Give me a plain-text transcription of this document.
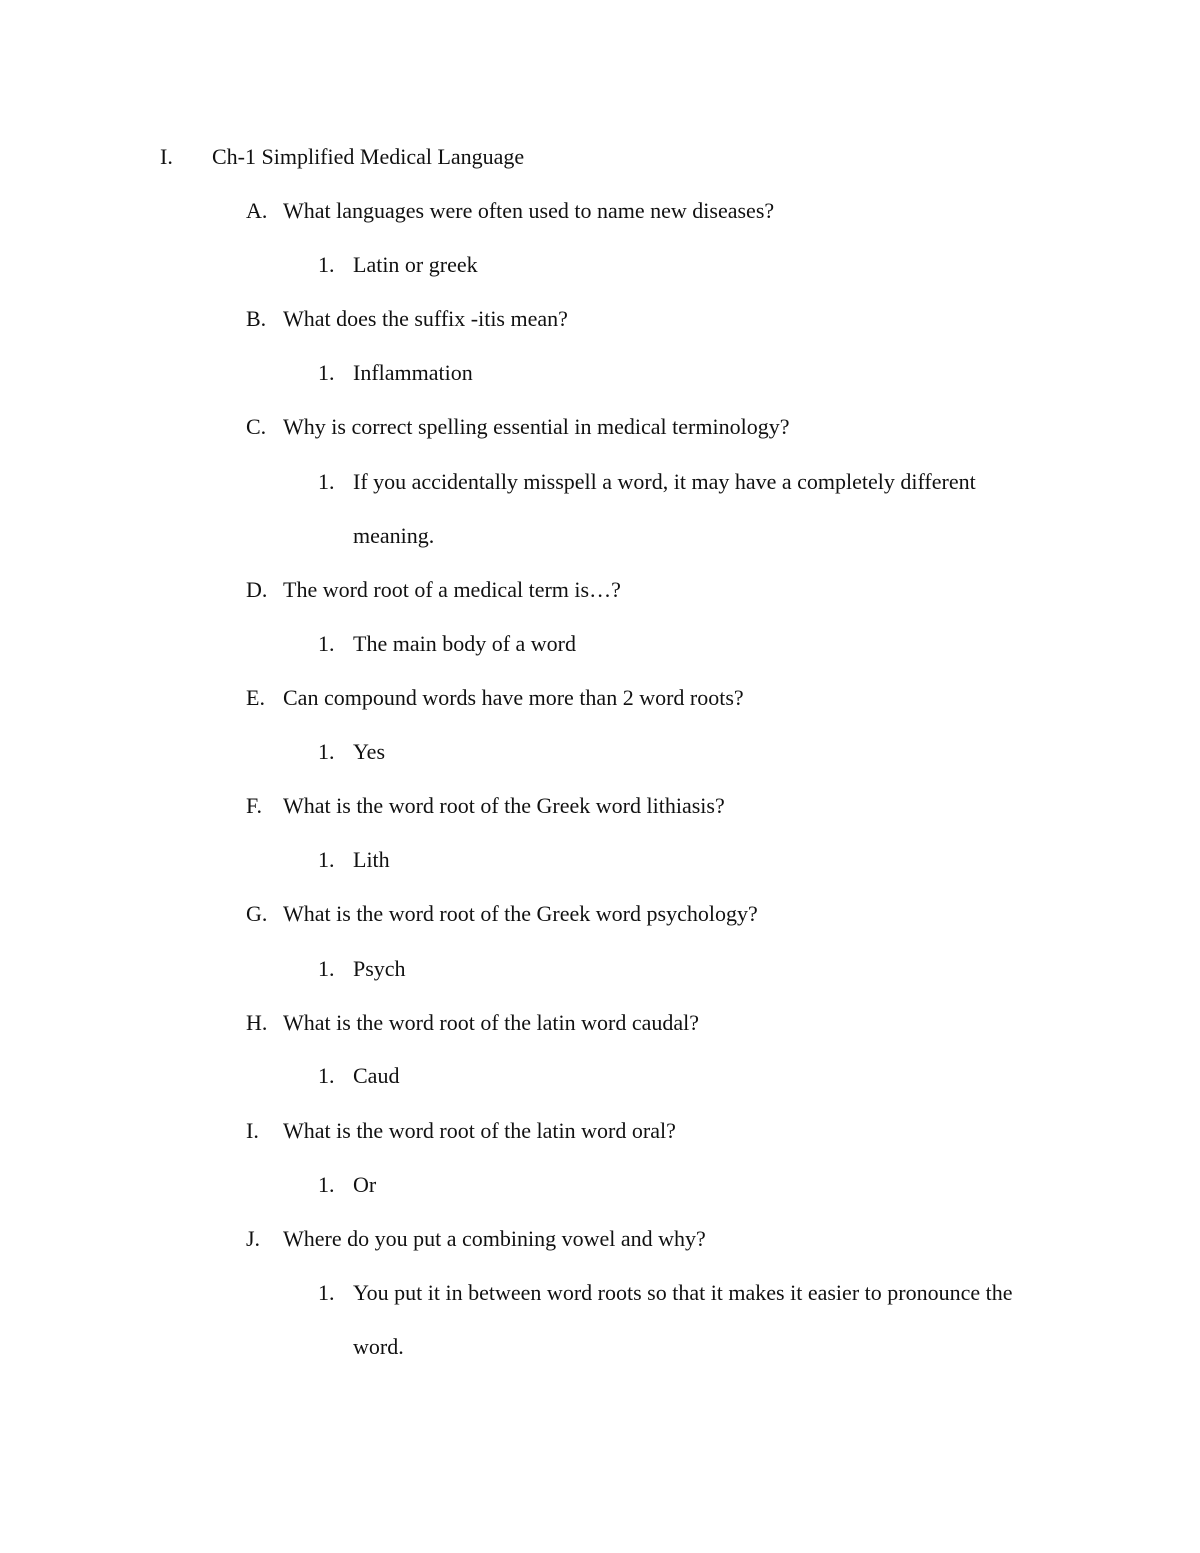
I. Ch-1 Simplified Medical Language
A. What languages were often used to name new diseases?
1. Latin or greek
B. What does the suffix -itis mean?
1. Inflammation
C. Why is correct spelling essential in medical terminology?
1. If you accidentally misspell a word, it may have a completely different
meaning.
D. The word root of a medical term is…?
1. The main body of a word
E. Can compound words have more than 2 word roots?
1. Yes
F. What is the word root of the Greek word lithiasis?
1. Lith
G. What is the word root of the Greek word psychology?
1. Psych
H. What is the word root of the latin word caudal?
1. Caud
I. What is the word root of the latin word oral?
1. Or
J. Where do you put a combining vowel and why?
1. You put it in between word roots so that it makes it easier to pronounce the
word.
